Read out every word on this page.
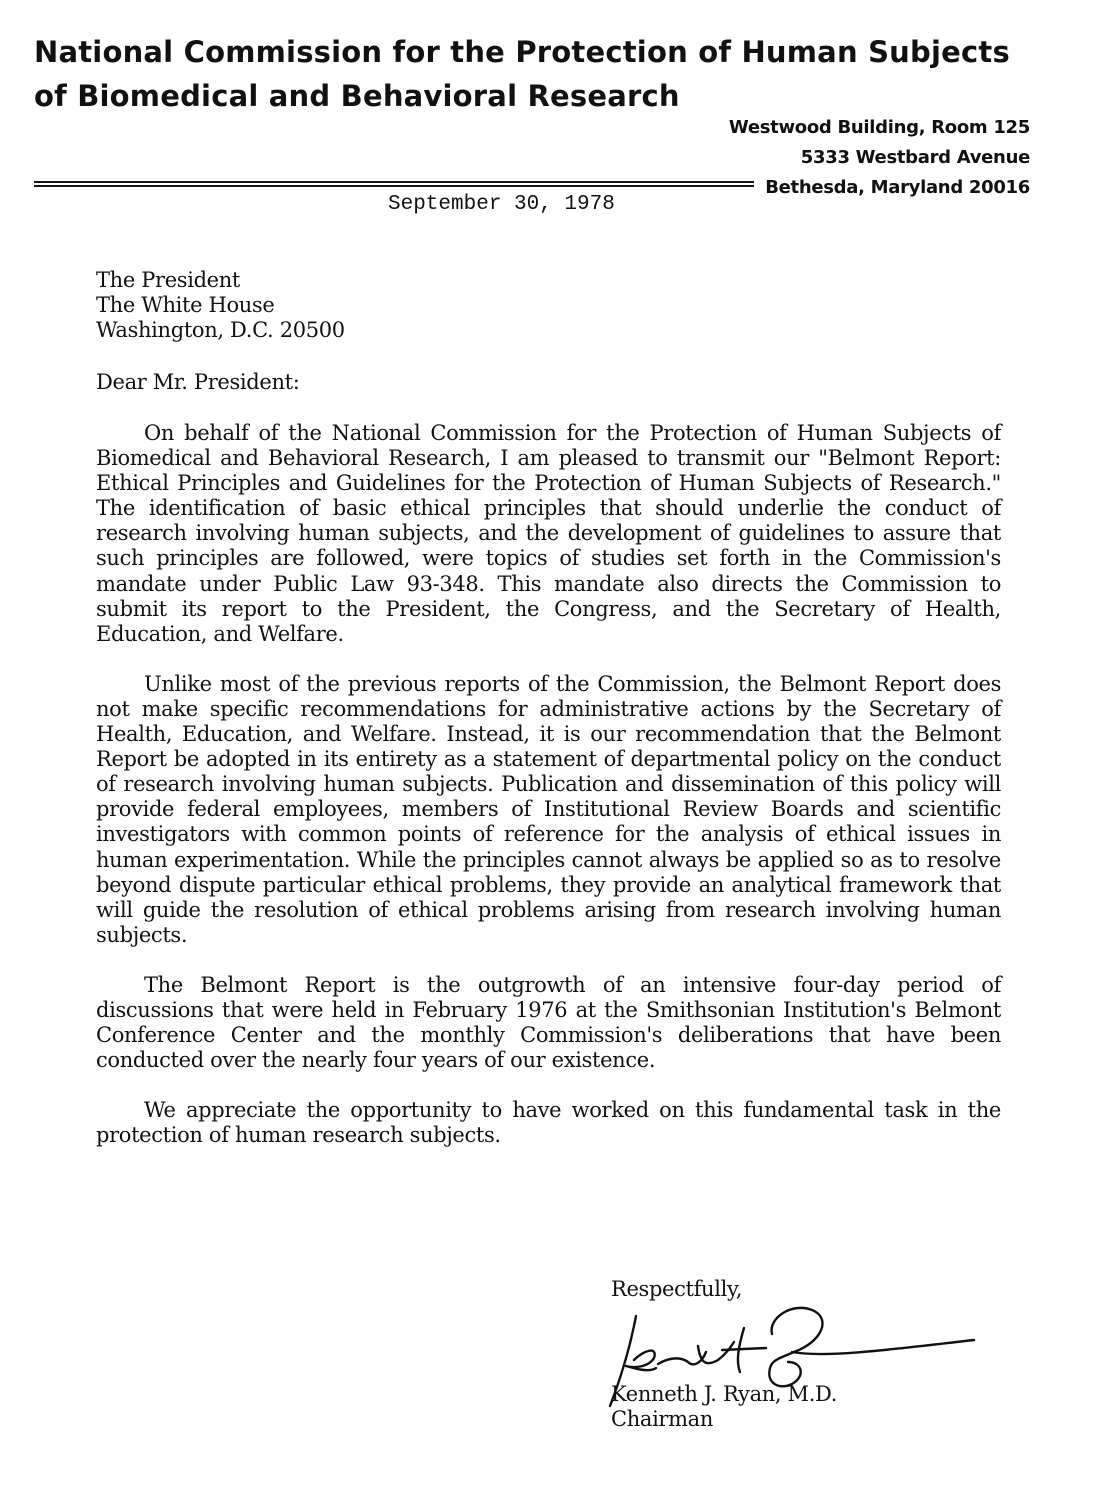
National Commission for the Protection of Human Subjects
of Biomedical and Behavioral Research
Westwood Building, Room 125
5333 Westbard Avenue
Bethesda, Maryland 20016
September 30, 1978
The President
The White House
Washington, D.C. 20500
Dear Mr. President:

On behalf of the National Commission for the Protection of Human Subjects of Biomedical and Behavioral Research, I am pleased to transmit our "Belmont Report: Ethical Principles and Guidelines for the Protection of Human Subjects of Research." The identification of basic ethical principles that should underlie the conduct of research involving human subjects, and the development of guidelines to assure that such principles are followed, were topics of studies set forth in the Commission's mandate under Public Law 93-348. This mandate also directs the Commission to submit its report to the President, the Congress, and the Secretary of Health, Education, and Welfare.

Unlike most of the previous reports of the Commission, the Belmont Report does not make specific recommendations for administrative actions by the Secretary of Health, Education, and Welfare. Instead, it is our recommendation that the Belmont Report be adopted in its entirety as a statement of departmental policy on the conduct of research involving human subjects. Publication and dissemination of this policy will provide federal employees, members of Institutional Review Boards and scientific investigators with common points of reference for the analysis of ethical issues in human experimentation. While the principles cannot always be applied so as to resolve beyond dispute particular ethical problems, they provide an analytical framework that will guide the resolution of ethical problems arising from research involving human subjects.

The Belmont Report is the outgrowth of an intensive four-day period of discussions that were held in February 1976 at the Smithsonian Institution's Belmont Conference Center and the monthly Commission's deliberations that have been conducted over the nearly four years of our existence.

We appreciate the opportunity to have worked on this fundamental task in the protection of human research subjects.

Respectfully,
Kenneth J. Ryan, M.D.
Chairman
